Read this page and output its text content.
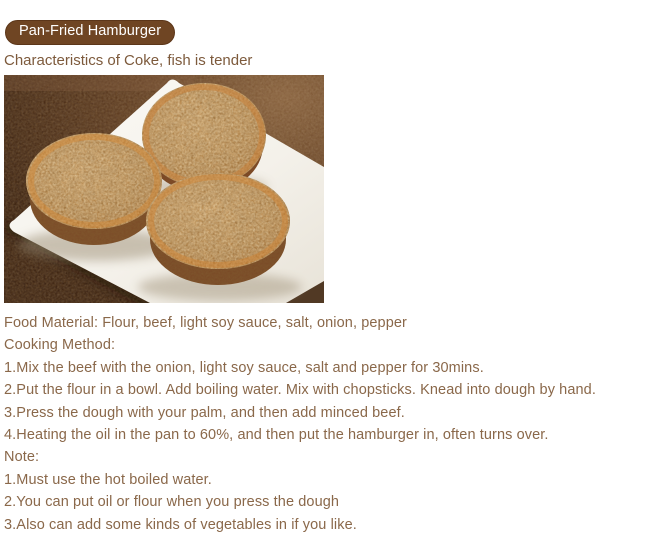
Pan-Fried Hamburger
Characteristics of Coke, fish is tender
Food Material: Flour, beef, light soy sauce, salt, onion, pepper
Cooking Method:
1.Mix the beef with the onion, light soy sauce, salt and pepper for 30mins.
2.Put the flour in a bowl. Add boiling water. Mix with chopsticks. Knead into dough by hand.
3.Press the dough with your palm, and then add minced beef.
4.Heating the oil in the pan to 60%, and then put the hamburger in, often turns over.
Note:
1.Must use the hot boiled water.
2.You can put oil or flour when you press the dough
3.Also can add some kinds of vegetables in if you like.
